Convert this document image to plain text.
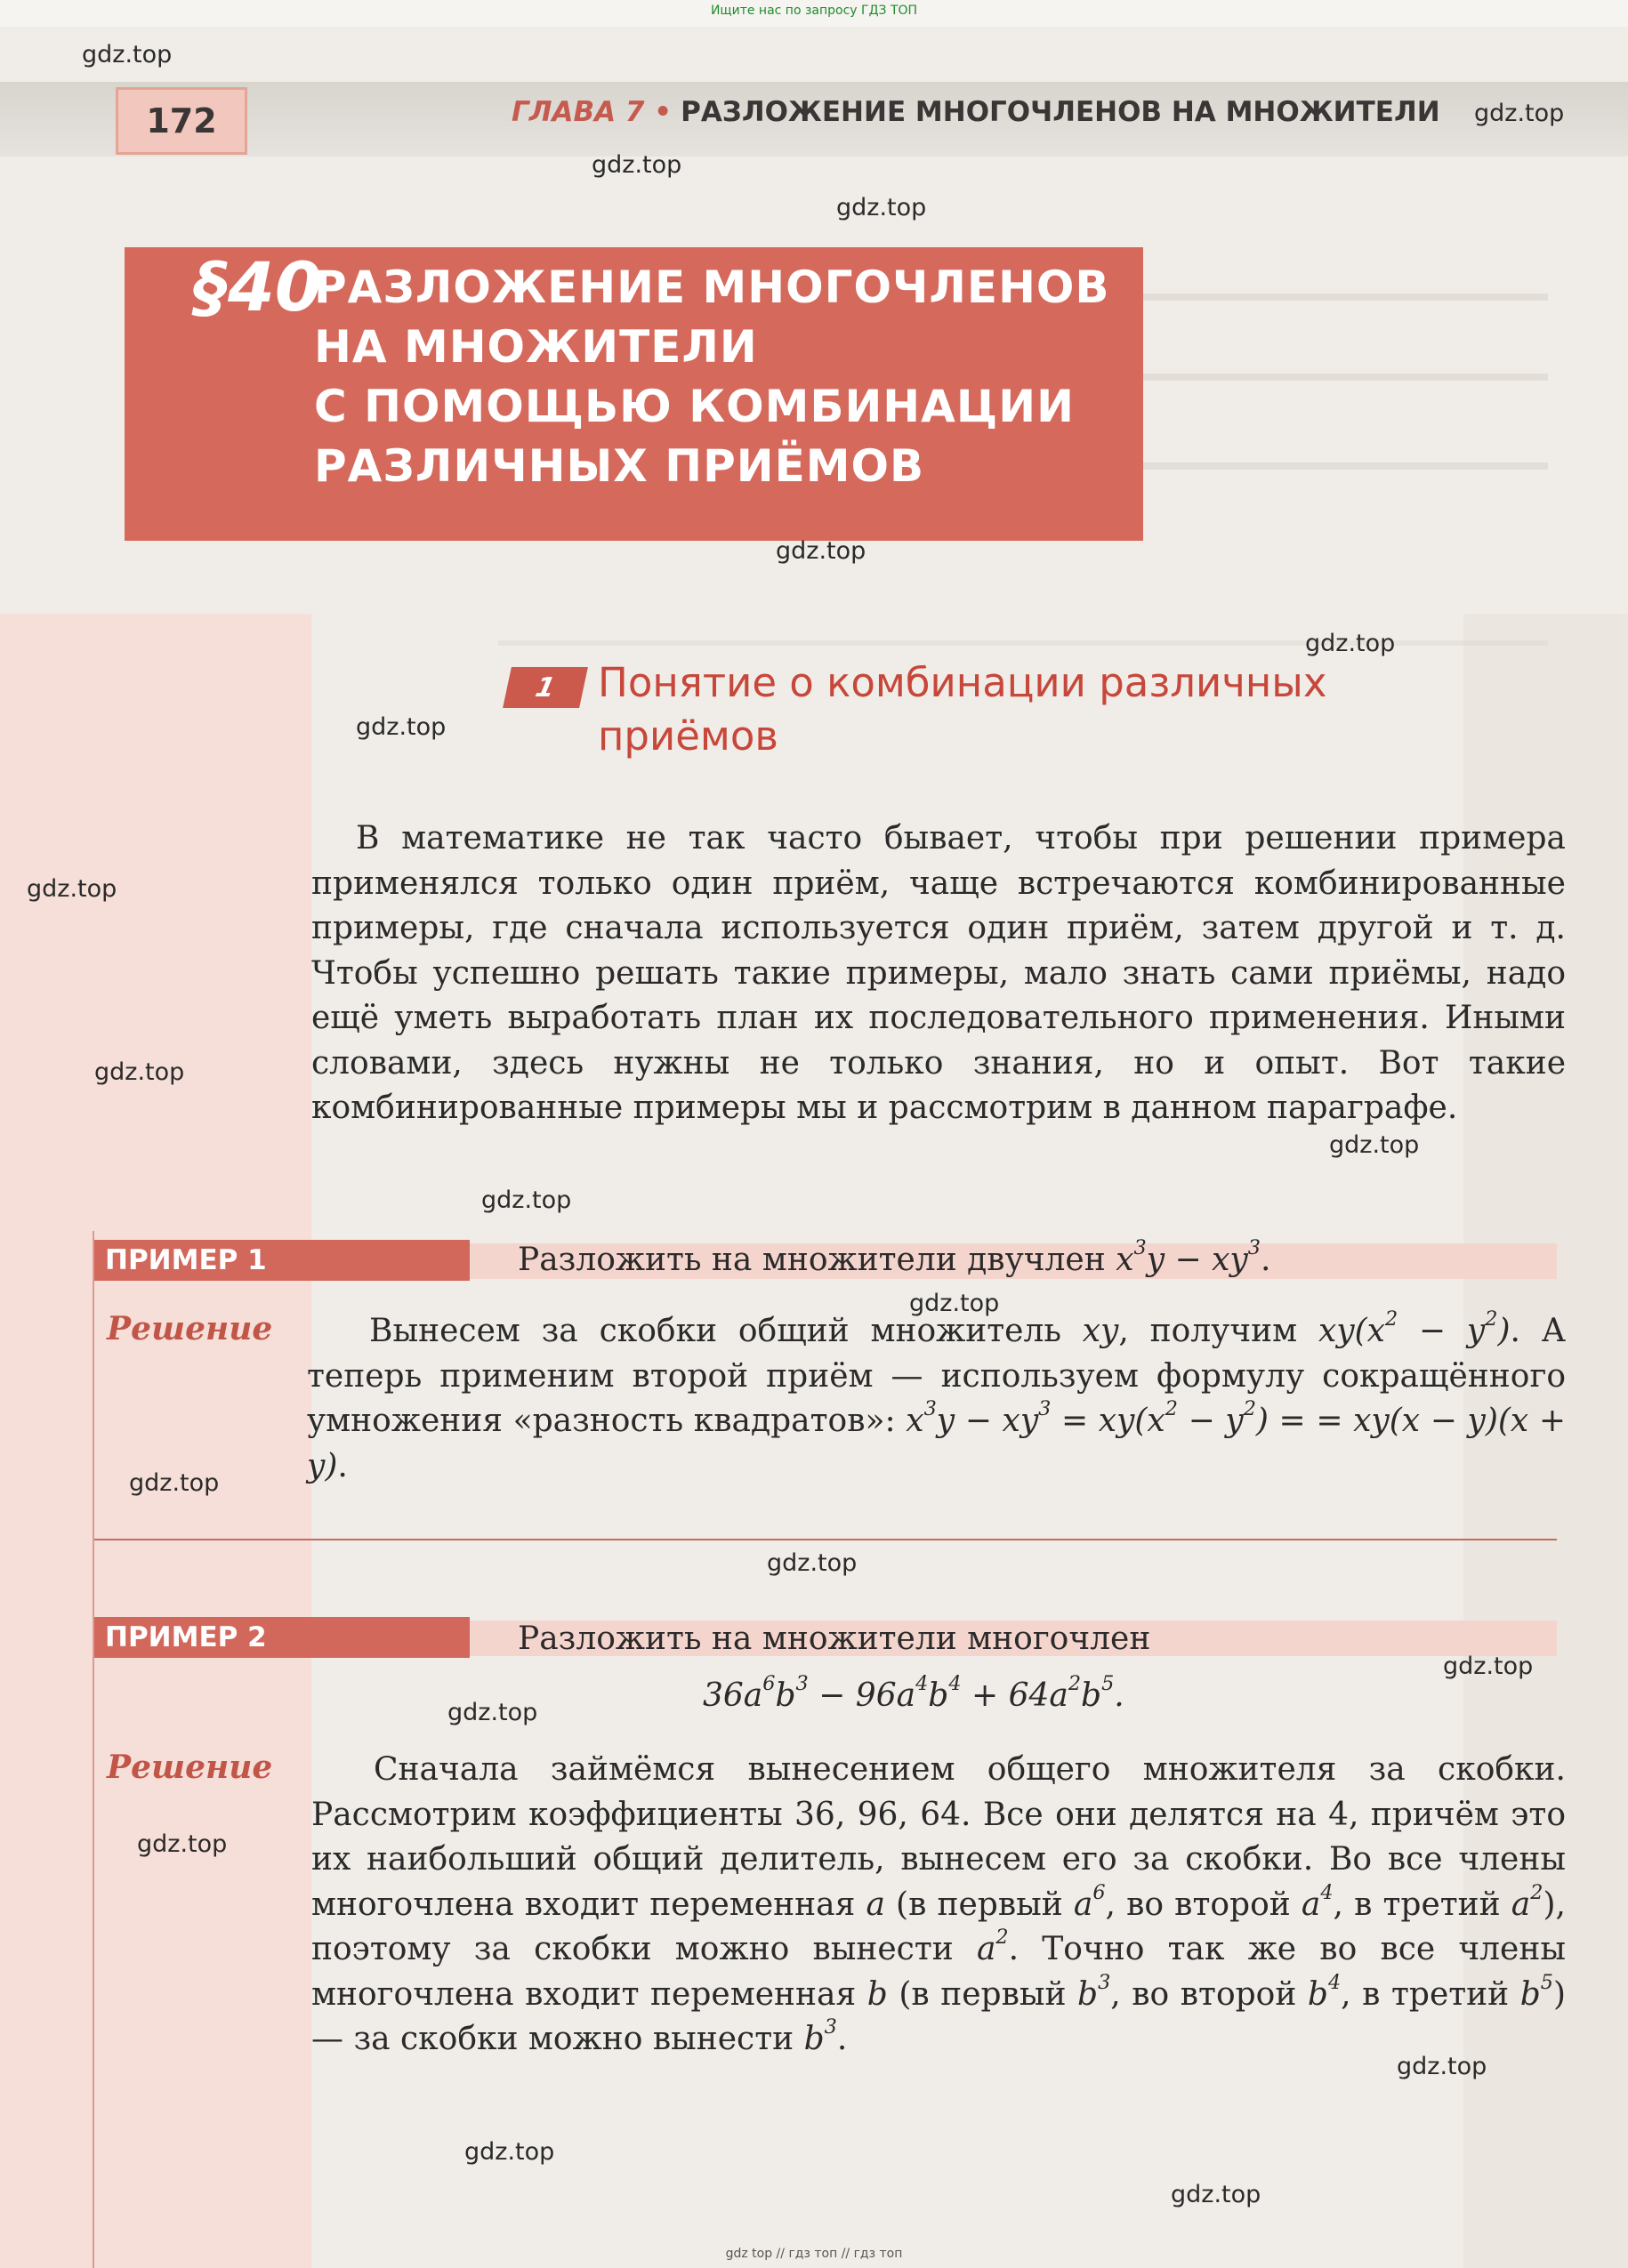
Ищите нас по запросу ГДЗ ТОП
172	ГЛАВА 7 • РАЗЛОЖЕНИЕ МНОГОЧЛЕНОВ НА МНОЖИТЕЛИ
§40
РАЗЛОЖЕНИЕ МНОГОЧЛЕНОВ
НА МНОЖИТЕЛИ
С ПОМОЩЬЮ КОМБИНАЦИИ
РАЗЛИЧНЫХ ПРИЁМОВ
1 Понятие о комбинации различных
приёмов
В математике не так часто бывает, чтобы при решении примера применялся только один приём, чаще встречаются комбинированные примеры, где сначала используется один приём, затем другой и т. д. Чтобы успешно решать такие примеры, мало знать сами приёмы, надо ещё уметь выработать план их последовательного применения. Иными словами, здесь нужны не только знания, но и опыт. Вот такие комбинированные примеры мы и рассмотрим в данном параграфе.
ПРИМЕР 1	Разложить на множители двучлен $x^3y - xy^3$.
Решение	Вынесем за скобки общий множитель xy, получим $xy(x^2 - y^2)$. А теперь применим второй приём — используем формулу сокращённого умножения «разность квадратов»: $x^3y - xy^3 = xy(x^2 - y^2)$ = = xy(x − y)(x + y).
ПРИМЕР 2	Разложить на множители многочлен
$36a^6b^3 - 96a^4b^4 + 64a^2b^5$.
Решение	Сначала займёмся вынесением общего множителя за скобки. Рассмотрим коэффициенты 36, 96, 64. Все они делятся на 4, причём это их наибольший общий делитель, вынесем его за скобки. Во все члены многочлена входит переменная a (в первый $a^6$, во второй $a^4$, в третий $a^2$), поэтому за скобки можно вынести $a^2$. Точно так же во все члены многочлена входит переменная b (в первый $b^3$, во второй $b^4$, в третий $b^5$) — за скобки можно вынести $b^3$.
gdz.top
gdz.top
gdz.top
gdz.top
gdz.top
gdz.top
gdz.top
gdz.top
gdz.top
gdz.top
gdz.top
gdz.top
gdz.top
gdz.top
gdz.top
gdz.top
gdz.top
gdz.top
gdz.top
gdz.top
gdz top // гдз топ // гдз топ
